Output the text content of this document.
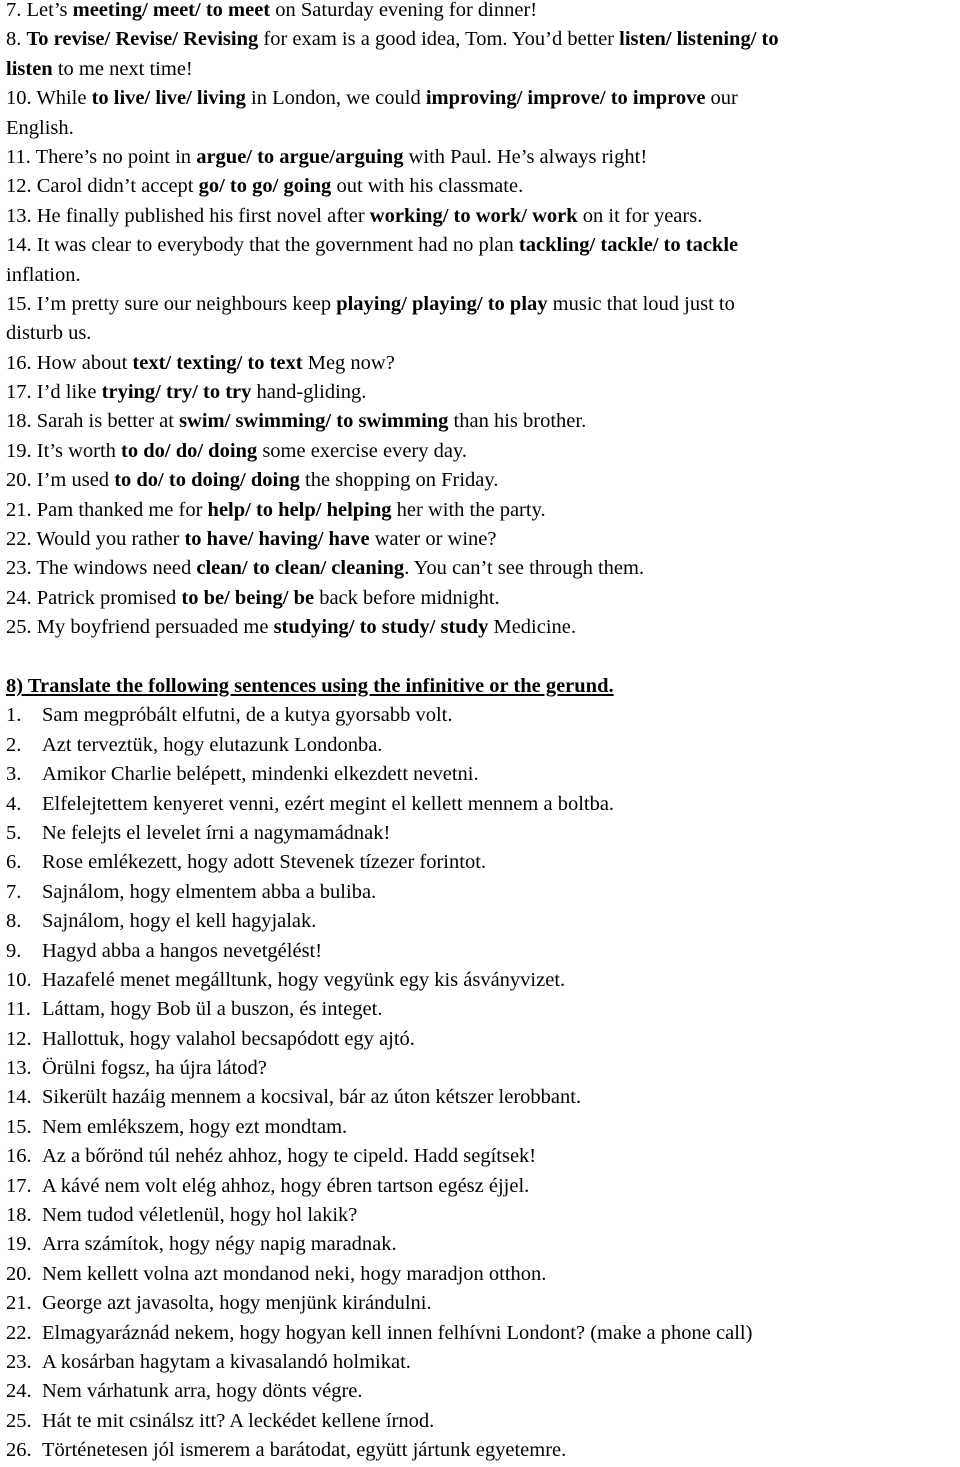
7. Let’s meeting/ meet/ to meet on Saturday evening for dinner!
8. To revise/ Revise/ Revising for exam is a good idea, Tom. You’d better listen/ listening/ to
listen to me next time!
10. While to live/ live/ living in London, we could improving/ improve/ to improve our
English.
11. There’s no point in argue/ to argue/arguing with Paul. He’s always right!
12. Carol didn’t accept go/ to go/ going out with his classmate.
13. He finally published his first novel after working/ to work/ work on it for years.
14. It was clear to everybody that the government had no plan tackling/ tackle/ to tackle
inflation.
15. I’m pretty sure our neighbours keep playing/ playing/ to play music that loud just to
disturb us.
16. How about text/ texting/ to text Meg now?
17. I’d like trying/ try/ to try hand-gliding.
18. Sarah is better at swim/ swimming/ to swimming than his brother.
19. It’s worth to do/ do/ doing some exercise every day.
20. I’m used to do/ to doing/ doing the shopping on Friday.
21. Pam thanked me for help/ to help/ helping her with the party.
22. Would you rather to have/ having/ have water or wine?
23. The windows need clean/ to clean/ cleaning. You can’t see through them.
24. Patrick promised to be/ being/ be back before midnight.
25. My boyfriend persuaded me studying/ to study/ study Medicine.
8) Translate the following sentences using the infinitive or the gerund.
1. Sam megpróbált elfutni, de a kutya gyorsabb volt.
2. Azt terveztük, hogy elutazunk Londonba.
3. Amikor Charlie belépett, mindenki elkezdett nevetni.
4. Elfelejtettem kenyeret venni, ezért megint el kellett mennem a boltba.
5. Ne felejts el levelet írni a nagymamádnak!
6. Rose emlékezett, hogy adott Stevenek tízezer forintot.
7. Sajnálom, hogy elmentem abba a buliba.
8. Sajnálom, hogy el kell hagyjalak.
9. Hagyd abba a hangos nevetgélést!
10. Hazafelé menet megálltunk, hogy vegyünk egy kis ásványvizet.
11. Láttam, hogy Bob ül a buszon, és integet.
12. Hallottuk, hogy valahol becsapódott egy ajtó.
13. Örülni fogsz, ha újra látod?
14. Sikerült hazáig mennem a kocsival, bár az úton kétszer lerobbant.
15. Nem emlékszem, hogy ezt mondtam.
16. Az a bőrönd túl nehéz ahhoz, hogy te cipeld. Hadd segítsek!
17. A kávé nem volt elég ahhoz, hogy ébren tartson egész éjjel.
18. Nem tudod véletlenül, hogy hol lakik?
19. Arra számítok, hogy négy napig maradnak.
20. Nem kellett volna azt mondanod neki, hogy maradjon otthon.
21. George azt javasolta, hogy menjünk kirándulni.
22. Elmagyaráznád nekem, hogy hogyan kell innen felhívni Londont? (make a phone call)
23. A kosárban hagytam a kivasalandó holmikat.
24. Nem várhatunk arra, hogy dönts végre.
25. Hát te mit csinálsz itt? A leckédet kellene írnod.
26. Történetesen jól ismerem a barátodat, együtt jártunk egyetemre.
